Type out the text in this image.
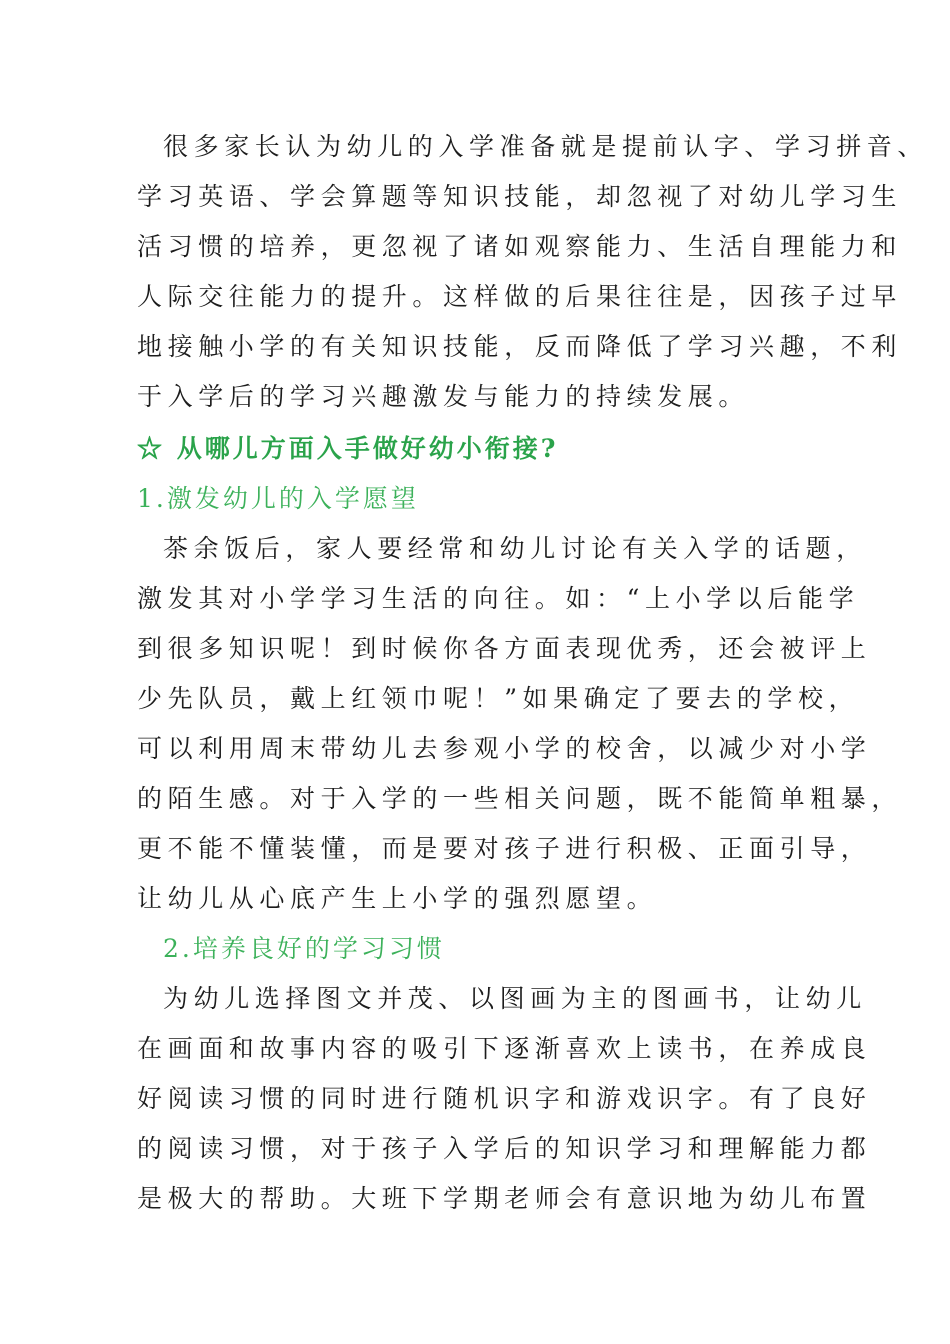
很多家长认为幼儿的入学准备就是提前认字、学习拼音、
学习英语、学会算题等知识技能，却忽视了对幼儿学习生
活习惯的培养，更忽视了诸如观察能力、生活自理能力和
人际交往能力的提升。这样做的后果往往是，因孩子过早
地接触小学的有关知识技能，反而降低了学习兴趣，不利
于入学后的学习兴趣激发与能力的持续发展。
☆ 从哪儿方面入手做好幼小衔接?
1.激发幼儿的入学愿望
茶余饭后，家人要经常和幼儿讨论有关入学的话题，
激发其对小学学习生活的向往。如：“上小学以后能学
到很多知识呢！到时候你各方面表现优秀，还会被评上
少先队员，戴上红领巾呢！”如果确定了要去的学校，
可以利用周末带幼儿去参观小学的校舍，以减少对小学
的陌生感。对于入学的一些相关问题，既不能简单粗暴，
更不能不懂装懂，而是要对孩子进行积极、正面引导，
让幼儿从心底产生上小学的强烈愿望。
2.培养良好的学习习惯
为幼儿选择图文并茂、以图画为主的图画书，让幼儿
在画面和故事内容的吸引下逐渐喜欢上读书，在养成良
好阅读习惯的同时进行随机识字和游戏识字。有了良好
的阅读习惯，对于孩子入学后的知识学习和理解能力都
是极大的帮助。大班下学期老师会有意识地为幼儿布置
